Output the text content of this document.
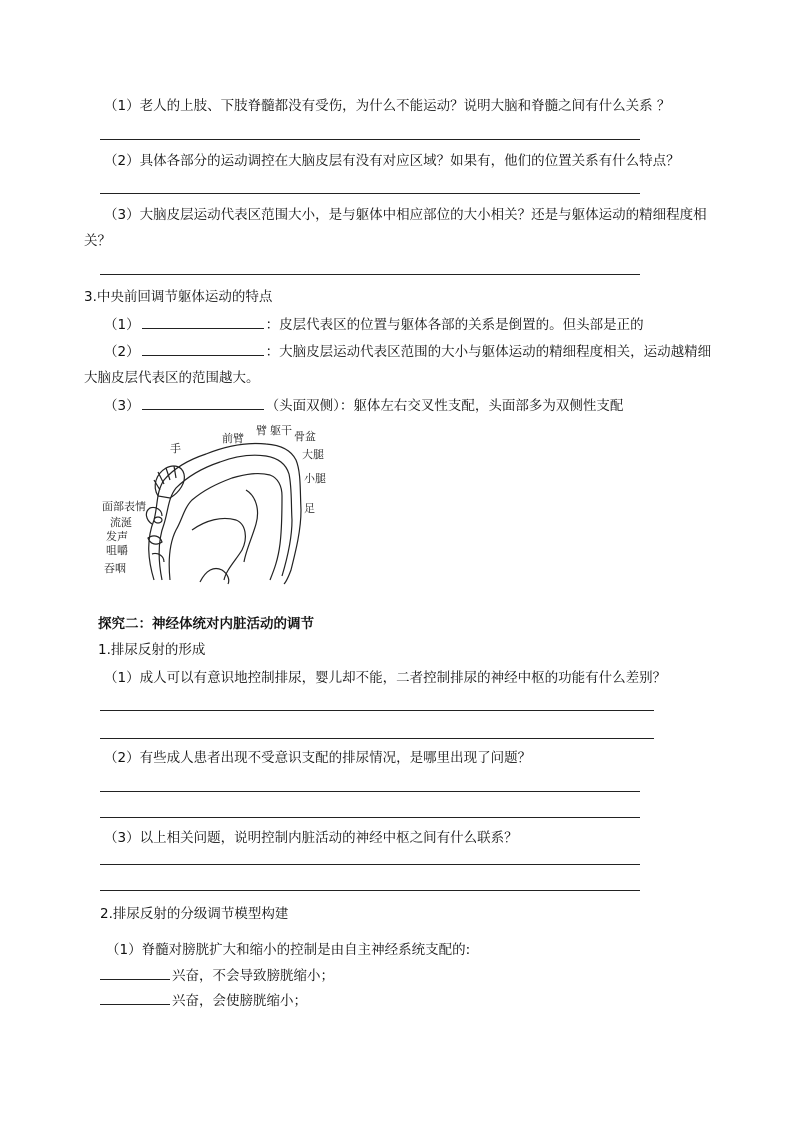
（1）老人的上肢、下肢脊髓都没有受伤，为什么不能运动？说明大脑和脊髓之间有什么关系 ？
（2）具体各部分的运动调控在大脑皮层有没有对应区域？如果有，他们的位置关系有什么特点？
（3）大脑皮层运动代表区范围大小，是与躯体中相应部位的大小相关？还是与躯体运动的精细程度相
关？
3.中央前回调节躯体运动的特点
（1）	：皮层代表区的位置与躯体各部的关系是倒置的。但头部是正的
（2）	：大脑皮层运动代表区范围的大小与躯体运动的精细程度相关，运动越精细
大脑皮层代表区的范围越大。
（3）	（头面双侧）：躯体左右交叉性支配，头面部多为双侧性支配
手
前臂
臂 躯干 骨盆
大腿
小腿
足
面部表情
流涎
发声
咀嚼
吞咽
探究二：神经体统对内脏活动的调节
1.排尿反射的形成
（1）成人可以有意识地控制排尿，婴儿却不能，二者控制排尿的神经中枢的功能有什么差别？
（2）有些成人患者出现不受意识支配的排尿情况，是哪里出现了问题？
（3）以上相关问题，说明控制内脏活动的神经中枢之间有什么联系？
2.排尿反射的分级调节模型构建
（1）脊髓对膀胱扩大和缩小的控制是由自主神经系统支配的:
兴奋，不会导致膀胱缩小；
兴奋，会使膀胱缩小；
